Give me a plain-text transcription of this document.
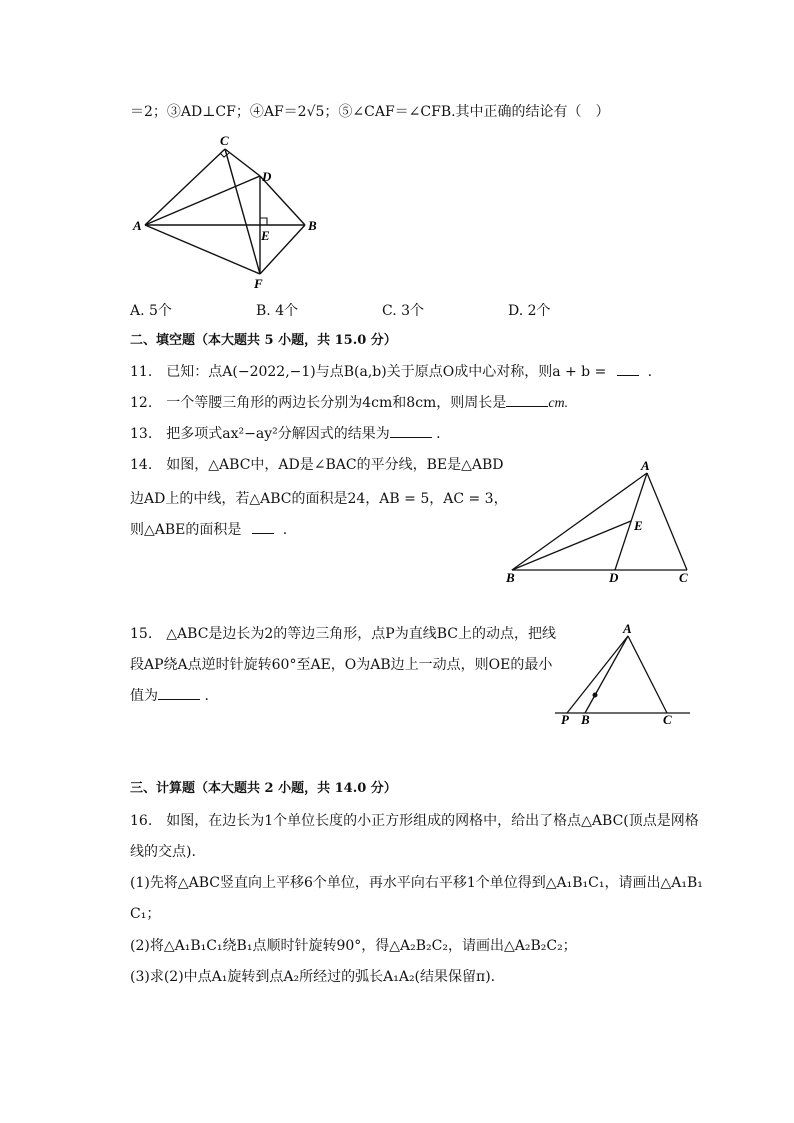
＝2；③AD⊥CF；④AF＝2√5；⑤∠CAF＝∠CFB.其中正确的结论有（　）
C
D
A
E
B
F
A. 5个	B. 4个	C. 3个	D. 2个
二、填空题（本大题共 5 小题，共 15.0 分）
11.　已知：点A(−2022,−1)与点B(a,b)关于原点O成中心对称，则a + b =	.
12.　一个等腰三角形的两边长分别为4cm和8cm，则周长是	cm.
13.　把多项式ax²−ay²分解因式的结果为	.
14.　如图，△ABC中，AD是∠BAC的平分线，BE是△ABD
边AD上的中线，若△ABC的面积是24，AB = 5，AC = 3，
则△ABE的面积是	.
A
E
B	D	C
15.　△ABC是边长为2的等边三角形，点P为直线BC上的动点，把线
段AP绕A点逆时针旋转60°至AE，O为AB边上一动点，则OE的最小
值为	.
A
P B	C
三、计算题（本大题共 2 小题，共 14.0 分）
16.　如图，在边长为1个单位长度的小正方形组成的网格中，给出了格点△ABC(顶点是网格
线的交点).
(1)先将△ABC竖直向上平移6个单位，再水平向右平移1个单位得到△A₁B₁C₁，请画出△A₁B₁
C₁；
(2)将△A₁B₁C₁绕B₁点顺时针旋转90°，得△A₂B₂C₂，请画出△A₂B₂C₂；
(3)求(2)中点A₁旋转到点A₂所经过的弧长A₁A₂(结果保留π).
